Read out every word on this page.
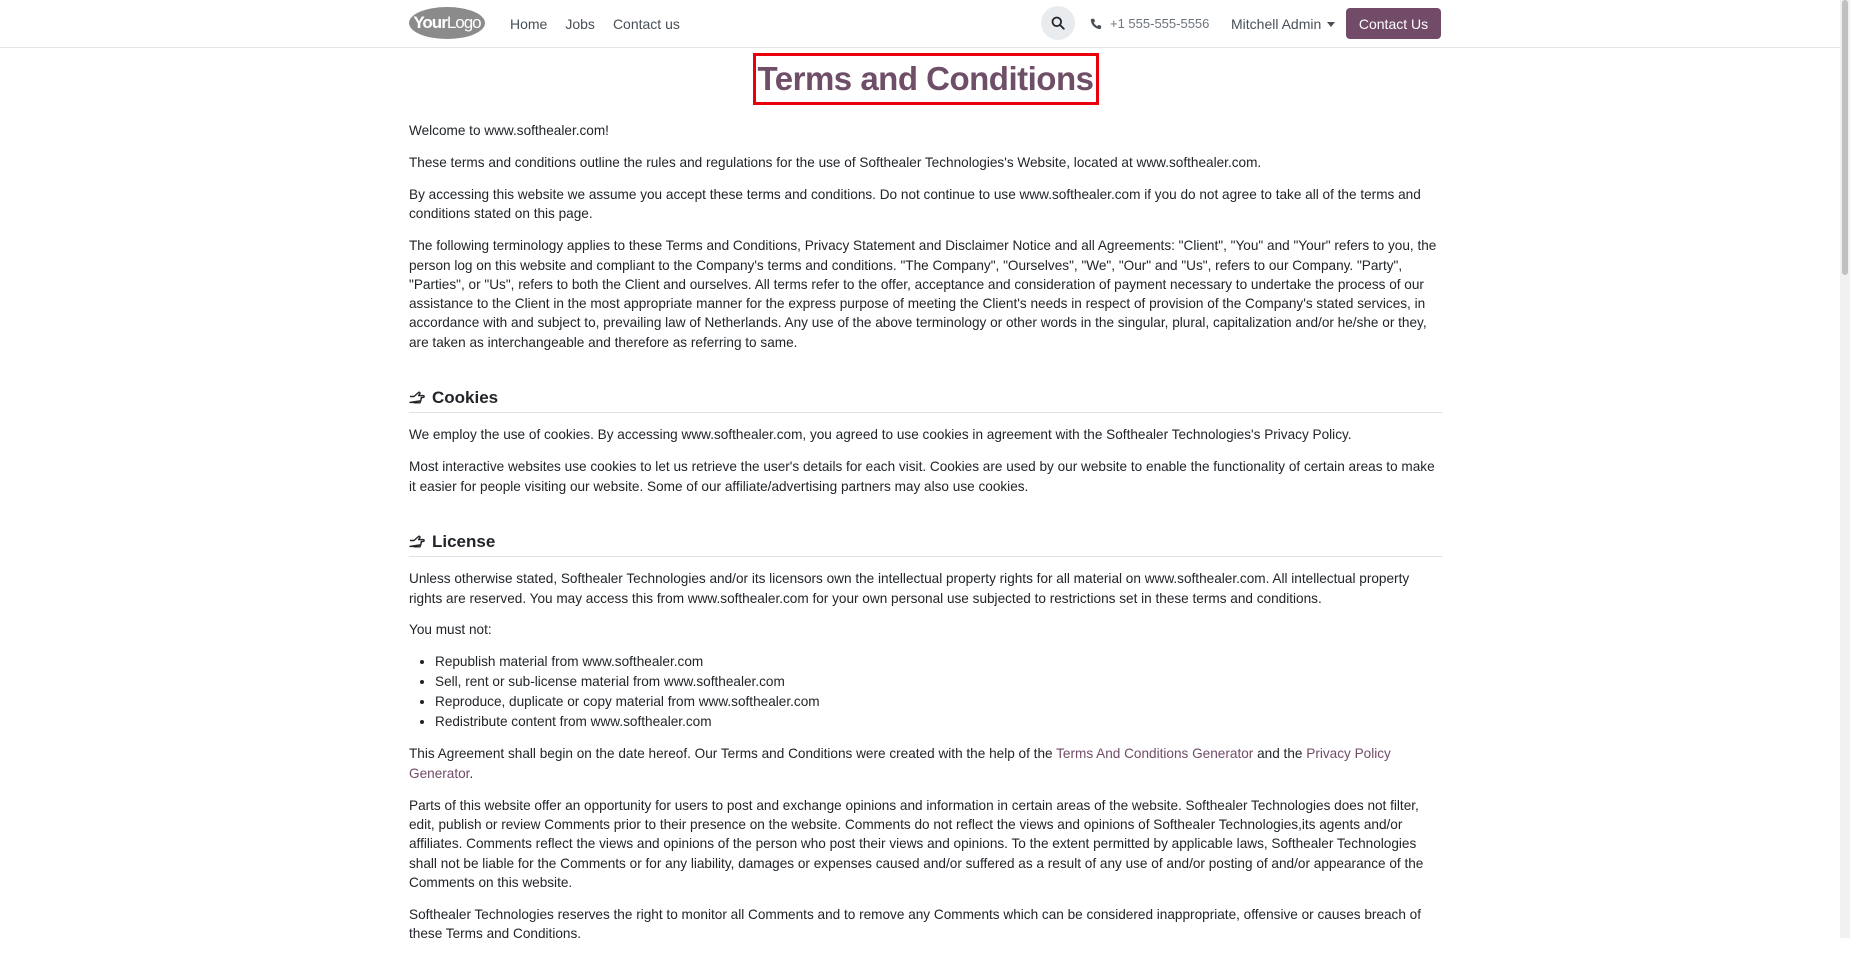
Your Logo Home Jobs Contact us	+1 555-555-5556 Mitchell Admin	Contact Us
Terms and Conditions

Welcome to www.softhealer.com!

These terms and conditions outline the rules and regulations for the use of Softhealer Technologies's Website, located at www.softhealer.com.

By accessing this website we assume you accept these terms and conditions. Do not continue to use www.softhealer.com if you do not agree to take all of the terms and conditions stated on this page.

The following terminology applies to these Terms and Conditions, Privacy Statement and Disclaimer Notice and all Agreements: "Client", "You" and "Your" refers to you, the person log on this website and compliant to the Company's terms and conditions. "The Company", "Ourselves", "We", "Our" and "Us", refers to our Company. "Party", "Parties", or "Us", refers to both the Client and ourselves. All terms refer to the offer, acceptance and consideration of payment necessary to undertake the process of our assistance to the Client in the most appropriate manner for the express purpose of meeting the Client's needs in respect of provision of the Company's stated services, in accordance with and subject to, prevailing law of Netherlands. Any use of the above terminology or other words in the singular, plural, capitalization and/or he/she or they, are taken as interchangeable and therefore as referring to same.

Cookies

We employ the use of cookies. By accessing www.softhealer.com, you agreed to use cookies in agreement with the Softhealer Technologies's Privacy Policy.

Most interactive websites use cookies to let us retrieve the user's details for each visit. Cookies are used by our website to enable the functionality of certain areas to make it easier for people visiting our website. Some of our affiliate/advertising partners may also use cookies.

License

Unless otherwise stated, Softhealer Technologies and/or its licensors own the intellectual property rights for all material on www.softhealer.com. All intellectual property rights are reserved. You may access this from www.softhealer.com for your own personal use subjected to restrictions set in these terms and conditions.

You must not:

• Republish material from www.softhealer.com
• Sell, rent or sub-license material from www.softhealer.com
• Reproduce, duplicate or copy material from www.softhealer.com
• Redistribute content from www.softhealer.com

This Agreement shall begin on the date hereof. Our Terms and Conditions were created with the help of the Terms And Conditions Generator and the Privacy Policy Generator.

Parts of this website offer an opportunity for users to post and exchange opinions and information in certain areas of the website. Softhealer Technologies does not filter, edit, publish or review Comments prior to their presence on the website. Comments do not reflect the views and opinions of Softhealer Technologies,its agents and/or affiliates. Comments reflect the views and opinions of the person who post their views and opinions. To the extent permitted by applicable laws, Softhealer Technologies shall not be liable for the Comments or for any liability, damages or expenses caused and/or suffered as a result of any use of and/or posting of and/or appearance of the Comments on this website.

Softhealer Technologies reserves the right to monitor all Comments and to remove any Comments which can be considered inappropriate, offensive or causes breach of these Terms and Conditions.
